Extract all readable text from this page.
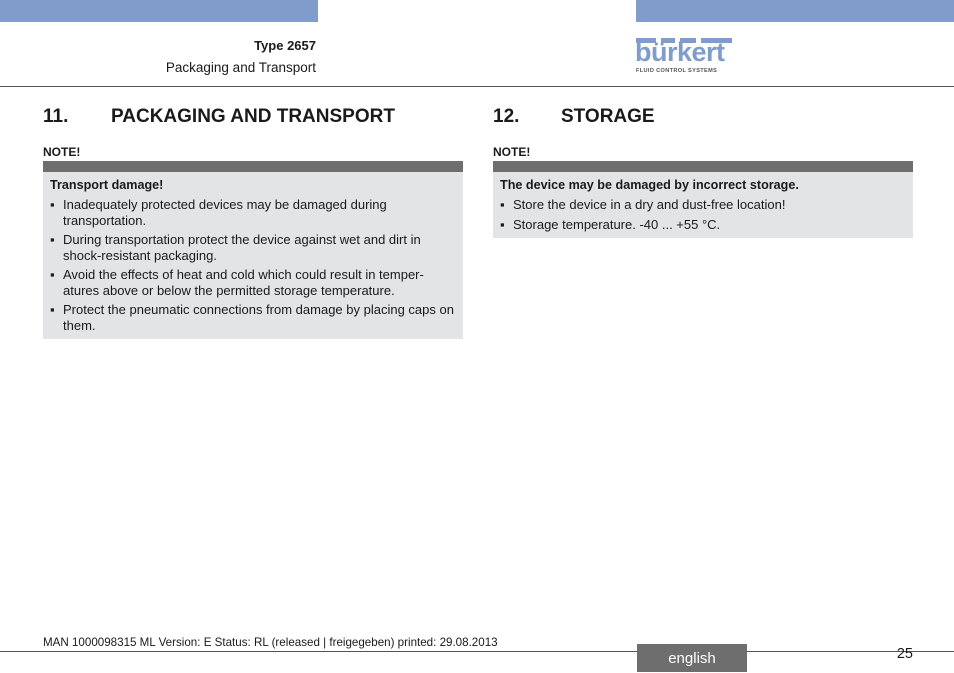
Type 2657
Packaging and Transport
bürkert
FLUID CONTROL SYSTEMS
11.	PACKAGING AND TRANSPORT
NOTE!
Transport damage!
▪ Inadequately protected devices may be damaged during transportation.
▪ During transportation protect the device against wet and dirt in shock-resistant packaging.
▪ Avoid the effects of heat and cold which could result in temper-atures above or below the permitted storage temperature.
▪ Protect the pneumatic connections from damage by placing caps on them.
12.	STORAGE
NOTE!
The device may be damaged by incorrect storage.
▪ Store the device in a dry and dust-free location!
▪ Storage temperature. -40 ... +55 °C.
MAN 1000098315 ML Version: E Status: RL (released | freigegeben) printed: 29.08.2013
english	25
